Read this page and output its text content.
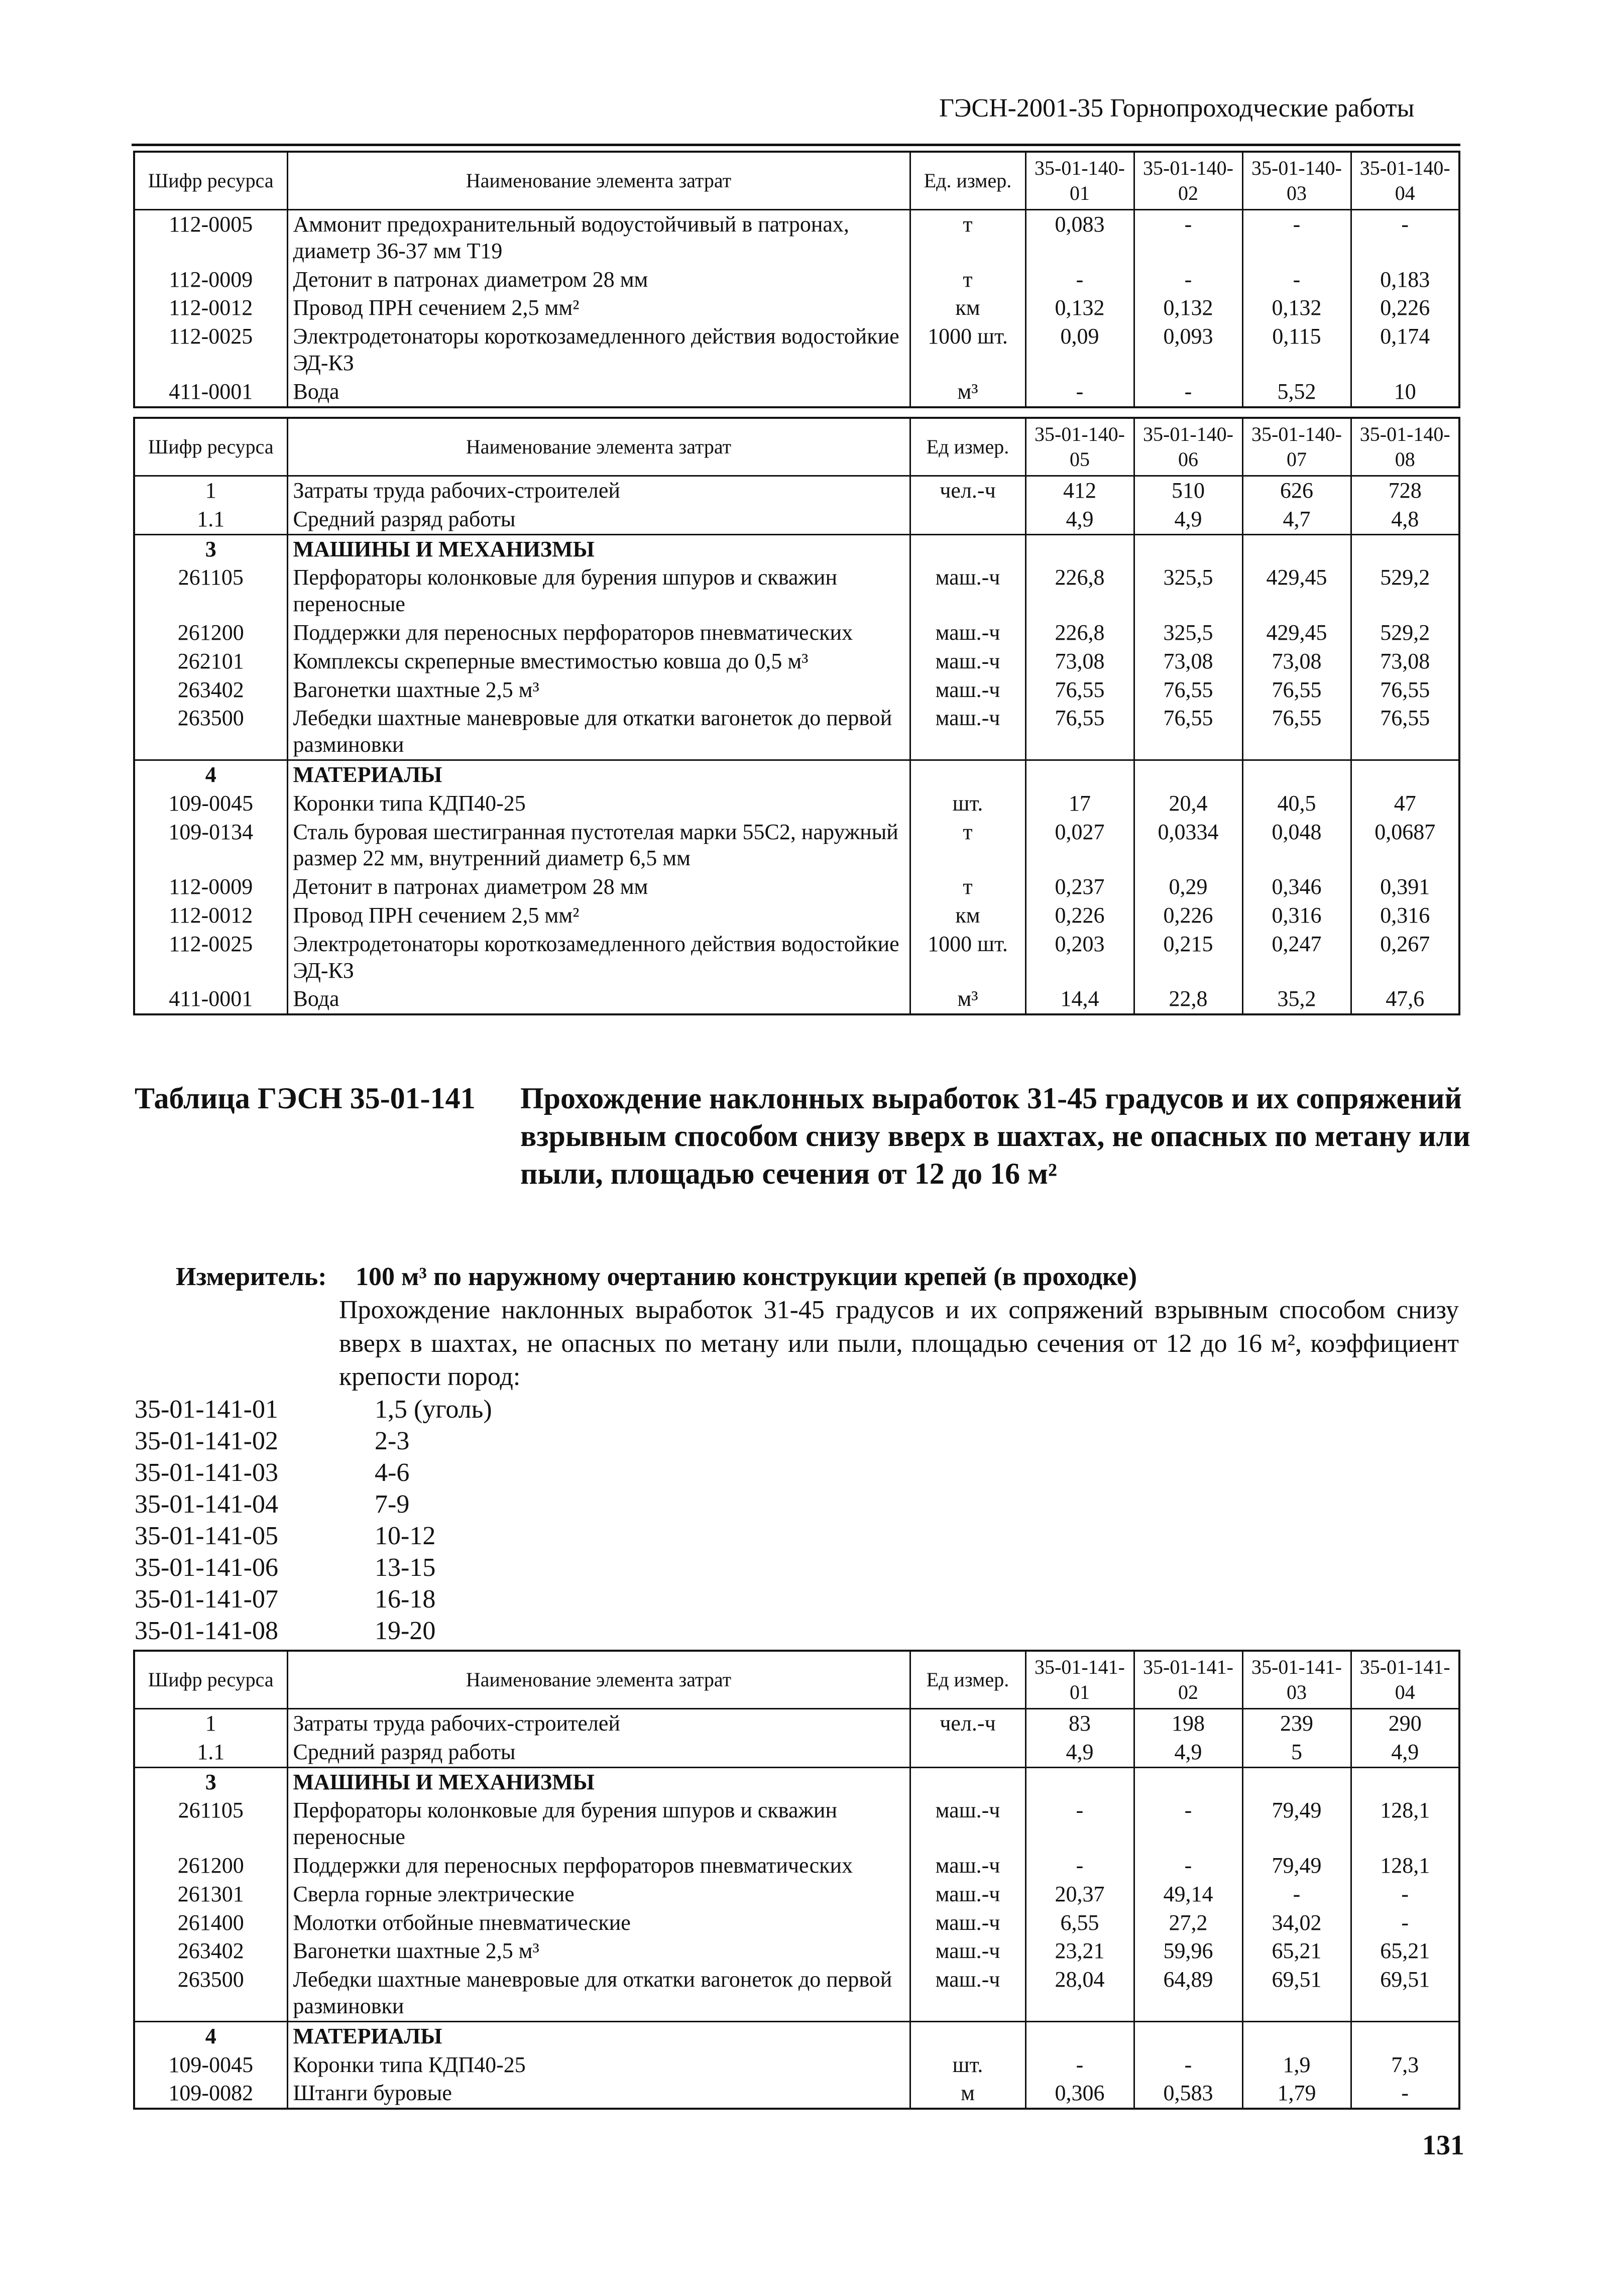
ГЭСН-2001-35 Горнопроходческие работы
Шифр ресурса	Наименование элемента затрат	Ед. измер.	35-01-140-01	35-01-140-02	35-01-140-03	35-01-140-04
112-0005	Аммонит предохранительный водоустойчивый в патронах, диаметр 36-37 мм Т19	т	0,083	-	-	-
112-0009	Детонит в патронах диаметром 28 мм	т	-	-	-	0,183
112-0012	Провод ПРН сечением 2,5 мм²	км	0,132	0,132	0,132	0,226
112-0025	Электродетонаторы короткозамедленного действия водостойкие ЭД-КЗ	1000 шт.	0,09	0,093	0,115	0,174
411-0001	Вода	м³	-	-	5,52	10
Шифр ресурса	Наименование элемента затрат	Ед измер.	35-01-140-05	35-01-140-06	35-01-140-07	35-01-140-08
1	Затраты труда рабочих-строителей	чел.-ч	412	510	626	728
1.1	Средний разряд работы		4,9	4,9	4,7	4,8
3	МАШИНЫ И МЕХАНИЗМЫ					
261105	Перфораторы колонковые для бурения шпуров и скважин переносные	маш.-ч	226,8	325,5	429,45	529,2
261200	Поддержки для переносных перфораторов пневматических	маш.-ч	226,8	325,5	429,45	529,2
262101	Комплексы скреперные вместимостью ковша до 0,5 м³	маш.-ч	73,08	73,08	73,08	73,08
263402	Вагонетки шахтные 2,5 м³	маш.-ч	76,55	76,55	76,55	76,55
263500	Лебедки шахтные маневровые для откатки вагонеток до первой разминовки	маш.-ч	76,55	76,55	76,55	76,55
4	МАТЕРИАЛЫ					
109-0045	Коронки типа КДП40-25	шт.	17	20,4	40,5	47
109-0134	Сталь буровая шестигранная пустотелая марки 55С2, наружный размер 22 мм, внутренний диаметр 6,5 мм	т	0,027	0,0334	0,048	0,0687
112-0009	Детонит в патронах диаметром 28 мм	т	0,237	0,29	0,346	0,391
112-0012	Провод ПРН сечением 2,5 мм²	км	0,226	0,226	0,316	0,316
112-0025	Электродетонаторы короткозамедленного действия водостойкие ЭД-КЗ	1000 шт.	0,203	0,215	0,247	0,267
411-0001	Вода	м³	14,4	22,8	35,2	47,6
Таблица ГЭСН 35-01-141 Прохождение наклонных выработок 31-45 градусов и их сопряжений взрывным способом снизу вверх в шахтах, не опасных по метану или пыли, площадью сечения от 12 до 16 м²
Измеритель: 100 м³ по наружному очертанию конструкции крепей (в проходке)
Прохождение наклонных выработок 31-45 градусов и их сопряжений взрывным способом снизу вверх в шахтах, не опасных по метану или пыли, площадью сечения от 12 до 16 м², коэффициент крепости пород:
35-01-141-01	1,5 (уголь)
35-01-141-02	2-3
35-01-141-03	4-6
35-01-141-04	7-9
35-01-141-05	10-12
35-01-141-06	13-15
35-01-141-07	16-18
35-01-141-08	19-20
Шифр ресурса	Наименование элемента затрат	Ед измер.	35-01-141-01	35-01-141-02	35-01-141-03	35-01-141-04
1	Затраты труда рабочих-строителей	чел.-ч	83	198	239	290
1.1	Средний разряд работы		4,9	4,9	5	4,9
3	МАШИНЫ И МЕХАНИЗМЫ					
261105	Перфораторы колонковые для бурения шпуров и скважин переносные	маш.-ч	-	-	79,49	128,1
261200	Поддержки для переносных перфораторов пневматических	маш.-ч	-	-	79,49	128,1
261301	Сверла горные электрические	маш.-ч	20,37	49,14	-	-
261400	Молотки отбойные пневматические	маш.-ч	6,55	27,2	34,02	-
263402	Вагонетки шахтные 2,5 м³	маш.-ч	23,21	59,96	65,21	65,21
263500	Лебедки шахтные маневровые для откатки вагонеток до первой разминовки	маш.-ч	28,04	64,89	69,51	69,51
4	МАТЕРИАЛЫ					
109-0045	Коронки типа КДП40-25	шт.	-	-	1,9	7,3
109-0082	Штанги буровые	м	0,306	0,583	1,79	-
131
